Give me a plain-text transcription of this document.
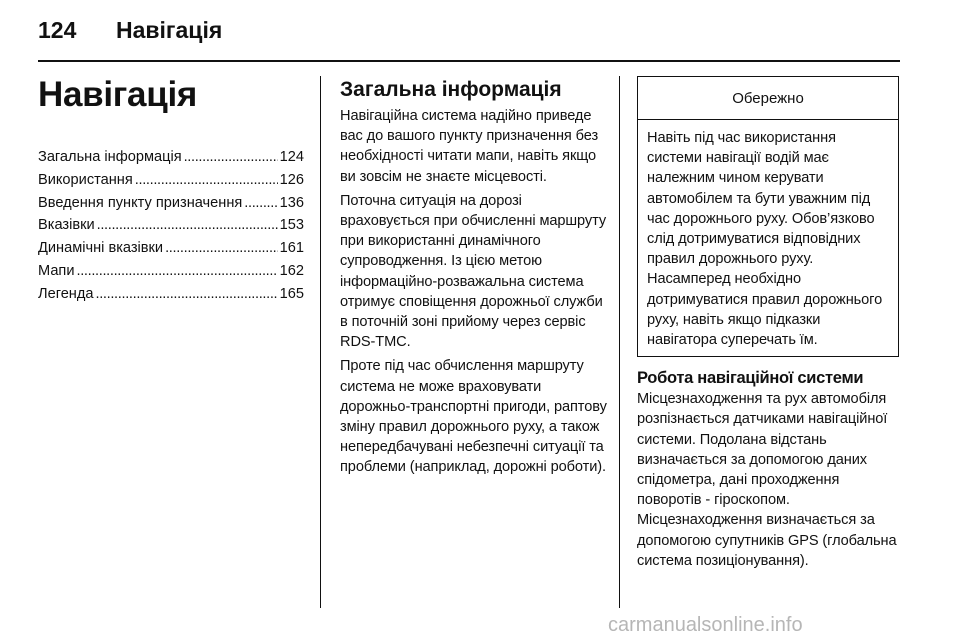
124	Навігація
Навігація
Загальна інформація . . .	124
Використання . . .	126
Введення пункту призначення . . .	136
Вказівки . . .	153
Динамічні вказівки . . .	161
Мапи . . .	162
Легенда . . .	165
Загальна інформація

Навігаційна система надійно приведе вас до вашого пункту призначення без необхідності читати мапи, навіть якщо ви зовсім не знаєте місцевості.

Поточна ситуація на дорозі враховується при обчисленні маршруту при використанні динамічного супроводження. Із цією метою інформаційно-розважальна система отримує сповіщення дорожньої служби в поточній зоні прийому через сервіс RDS-TMC.

Проте під час обчислення маршруту система не може враховувати дорожньо-транспортні пригоди, раптову зміну правил дорожнього руху, а також непередбачувані небезпечні ситуації та проблеми (наприклад, дорожні роботи).

Обережно
Навіть під час використання системи навігації водій має належним чином керувати автомобілем та бути уважним під час дорожнього руху. Обов’язково слід дотримуватися відповідних правил дорожнього руху. Насамперед необхідно дотримуватися правил дорожнього руху, навіть якщо підказки навігатора суперечать їм.
Робота навігаційної системи

Місцезнаходження та рух автомобіля розпізнається датчиками навігаційної системи. Подолана відстань визначається за допомогою даних спідометра, дані проходження поворотів - гіроскопом. Місцезнаходження визначається за допомогою супутників GPS (глобальна система позиціонування).

carmanualsonline.info
